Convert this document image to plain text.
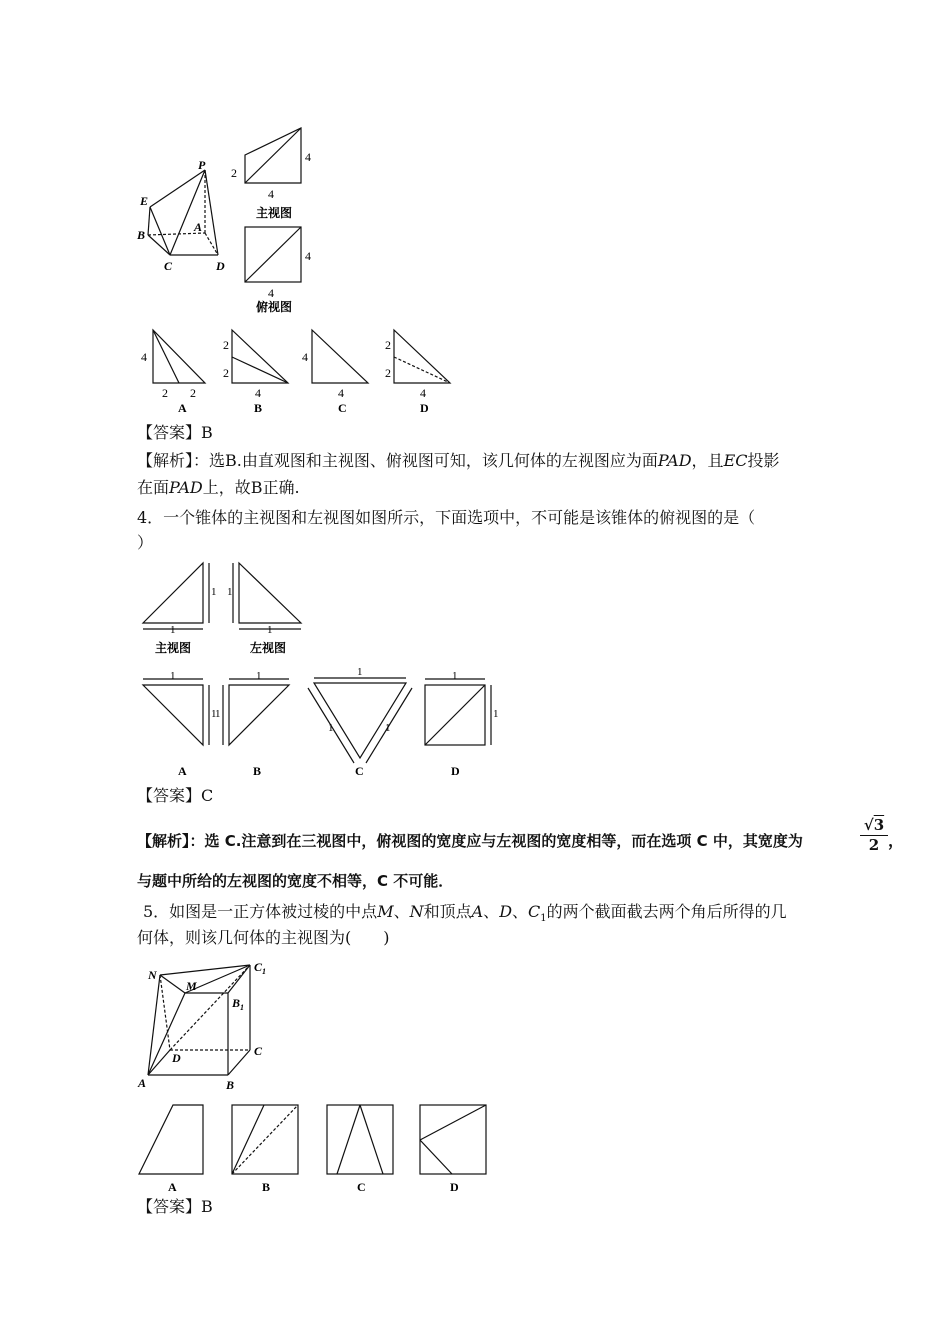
P
E
A
B
C	D
2
4
4
主视图
4
4
俯视图
4
2 2
A
2
2
4
B
4
4
C
2
2
4
D
【答案】B
【解析】：选B.由直观图和主视图、俯视图可知，该几何体的左视图应为面PAD，且EC投影
在面PAD上，故B正确.
4．一个锥体的主视图和左视图如图所示，下面选项中，不可能是该锥体的俯视图的是（
）
1
1
主视图
1
1
左视图
1
1
A
1
1
B
1
1	1
C
1
1
D
【答案】C
【解析】：选 C.注意到在三视图中，俯视图的宽度应与左视图的宽度相等，而在选项 C 中，其宽度为	$\frac{√3}{2}$ ，
与题中所给的左视图的宽度不相等，C 不可能．
5．如图是一正方体被过棱的中点M、N和顶点A、D、$C_1$的两个截面截去两个角后所得的几
何体，则该几何体的主视图为(　　)
N
M
$C_1$
$B_1$
D	C
A	B
A	B	C	D
【答案】B
